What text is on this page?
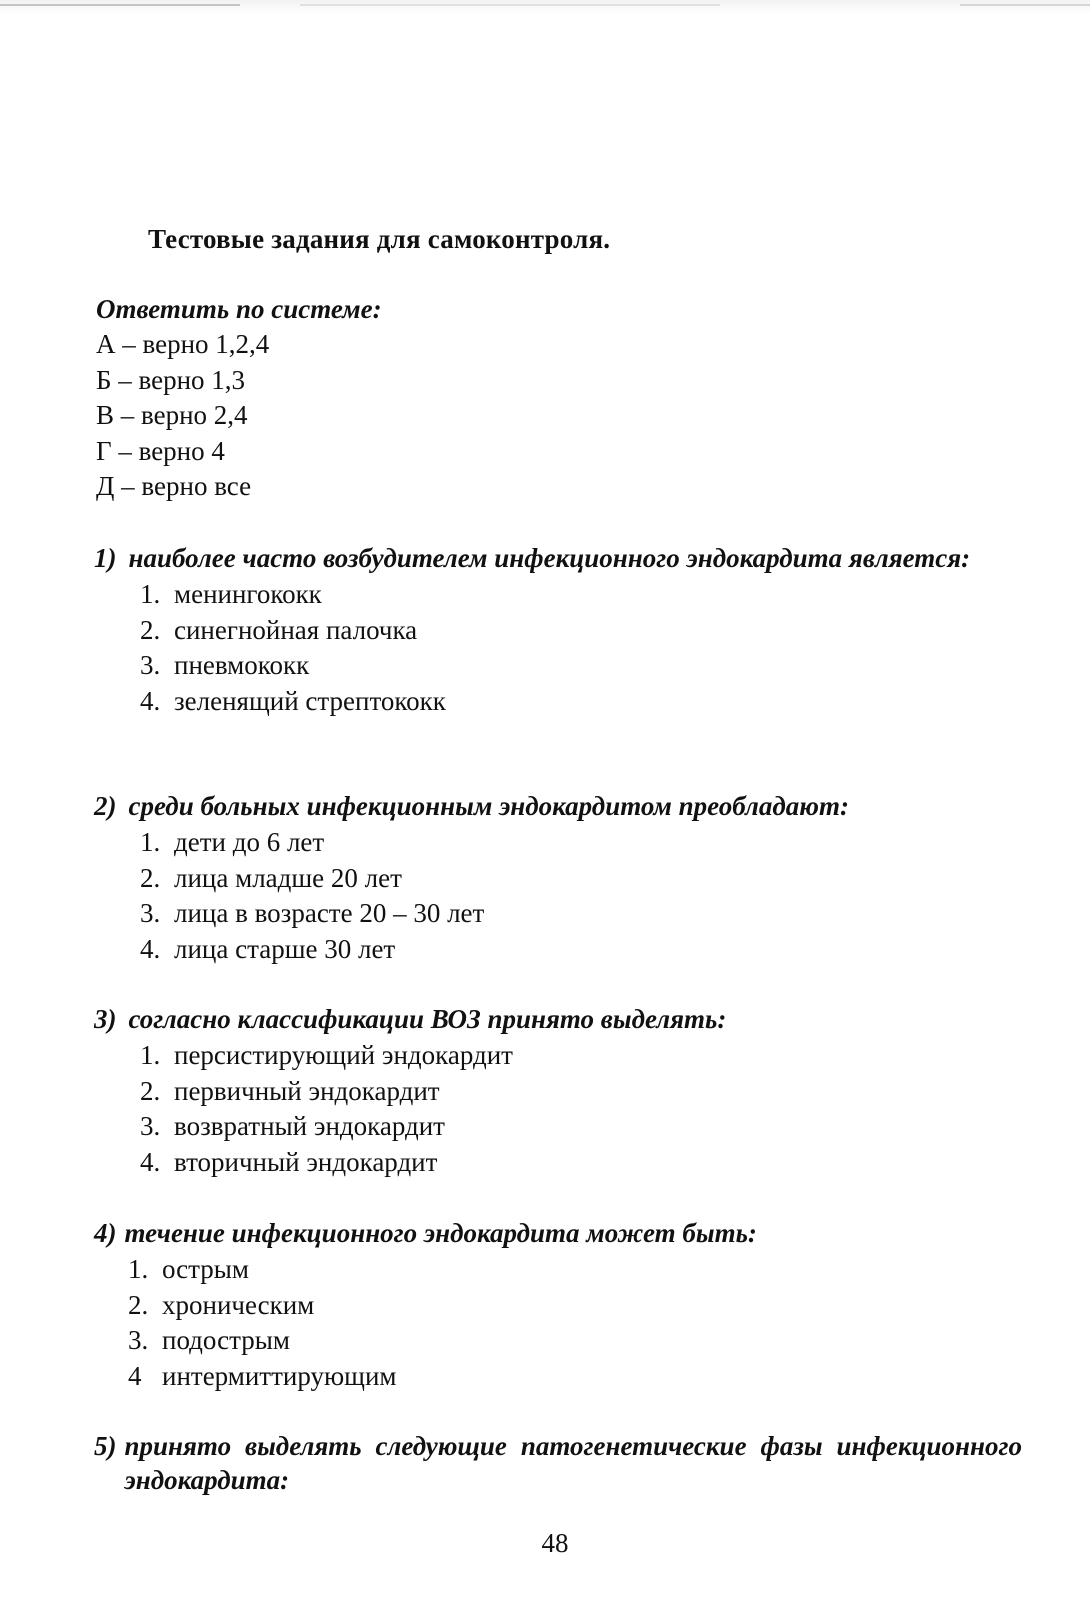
Тестовые задания для самоконтроля.
Ответить по системе:
А – верно 1,2,4
Б – верно 1,3
В – верно 2,4
Г – верно 4
Д – верно все
1) наиболее часто возбудителем инфекционного эндокардита является:
1. менингококк
2. синегнойная палочка
3. пневмококк
4. зеленящий стрептококк
2) среди больных инфекционным эндокардитом преобладают:
1. дети до 6 лет
2. лица младше 20 лет
3. лица в возрасте 20 – 30 лет
4. лица старше 30 лет
3) согласно классификации ВОЗ принято выделять:
1. персистирующий эндокардит
2. первичный эндокардит
3. возвратный эндокардит
4. вторичный эндокардит
4) течение инфекционного эндокардита может быть:
1. острым
2. хроническим
3. подострым
4 интермиттирующим
5) принято выделять следующие патогенетические фазы инфекционного эндокардита:
48
